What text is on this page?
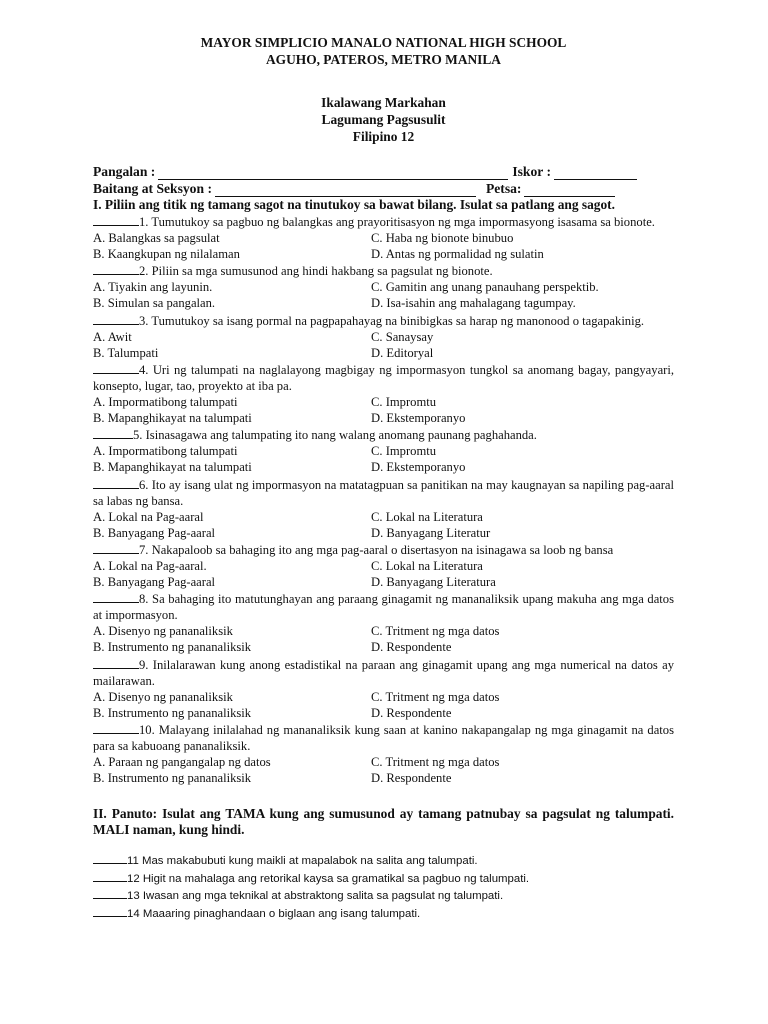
MAYOR SIMPLICIO MANALO NATIONAL HIGH SCHOOL
AGUHO, PATEROS, METRO MANILA
Ikalawang Markahan
Lagumang Pagsusulit
Filipino 12
Pangalan :	Iskor :
Baitang at Seksyon :	Petsa:
I. Piliin ang titik ng tamang sagot na tinutukoy sa bawat bilang. Isulat sa patlang ang sagot.
1. Tumutukoy sa pagbuo ng balangkas ang prayoritisasyon ng mga impormasyong isasama sa bionote.
A. Balangkas sa pagsulat	C. Haba ng bionote binubuo
B. Kaangkupan ng nilalaman	D. Antas ng pormalidad ng sulatin
2. Piliin sa mga sumusunod ang hindi hakbang sa pagsulat ng bionote.
A. Tiyakin ang layunin.	C. Gamitin ang unang panauhang perspektib.
B. Simulan sa pangalan.	D. Isa-isahin ang mahalagang tagumpay.
3. Tumutukoy sa isang pormal na pagpapahayag na binibigkas sa harap ng manonood o tagapakinig.
A. Awit	C. Sanaysay
B. Talumpati	D. Editoryal
4. Uri ng talumpati na naglalayong magbigay ng impormasyon tungkol sa anomang bagay, pangyayari, konsepto, lugar, tao, proyekto at iba pa.
A. Impormatibong talumpati	C. Impromtu
B. Mapanghikayat na talumpati	D. Ekstemporanyo
5. Isinasagawa ang talumpating ito nang walang anomang paunang paghahanda.
A. Impormatibong talumpati	C. Impromtu
B. Mapanghikayat na talumpati	D. Ekstemporanyo
6. Ito ay isang ulat ng impormasyon na matatagpuan sa panitikan na may kaugnayan sa napiling pag-aaral sa labas ng bansa.
A. Lokal na Pag-aaral	C. Lokal na Literatura
B. Banyagang Pag-aaral	D. Banyagang Literatur
7. Nakapaloob sa bahaging ito ang mga pag-aaral o disertasyon na isinagawa sa loob ng bansa
A. Lokal na Pag-aaral.	C. Lokal na Literatura
B. Banyagang Pag-aaral	D. Banyagang Literatura
8. Sa bahaging ito matutunghayan ang paraang ginagamit ng mananaliksik upang makuha ang mga datos at impormasyon.
A. Disenyo ng pananaliksik	C. Tritment ng mga datos
B. Instrumento ng pananaliksik	D. Respondente
9. Inilalarawan kung anong estadistikal na paraan ang ginagamit upang ang mga numerical na datos ay mailarawan.
A. Disenyo ng pananaliksik	C. Tritment ng mga datos
B. Instrumento ng pananaliksik	D. Respondente
10. Malayang inilalahad ng mananaliksik kung saan at kanino nakapangalap ng mga ginagamit na datos para sa kabuoang pananaliksik.
A. Paraan ng pangangalap ng datos	C. Tritment ng mga datos
B. Instrumento ng pananaliksik	D. Respondente
II. Panuto: Isulat ang TAMA kung ang sumusunod ay tamang patnubay sa pagsulat ng talumpati. MALI naman, kung hindi.
11 Mas makabubuti kung maikli at mapalabok na salita ang talumpati.
12 Higit na mahalaga ang retorikal kaysa sa gramatikal sa pagbuo ng talumpati.
13 Iwasan ang mga teknikal at abstraktong salita sa pagsulat ng talumpati.
14 Maaaring pinaghandaan o biglaan ang isang talumpati.
